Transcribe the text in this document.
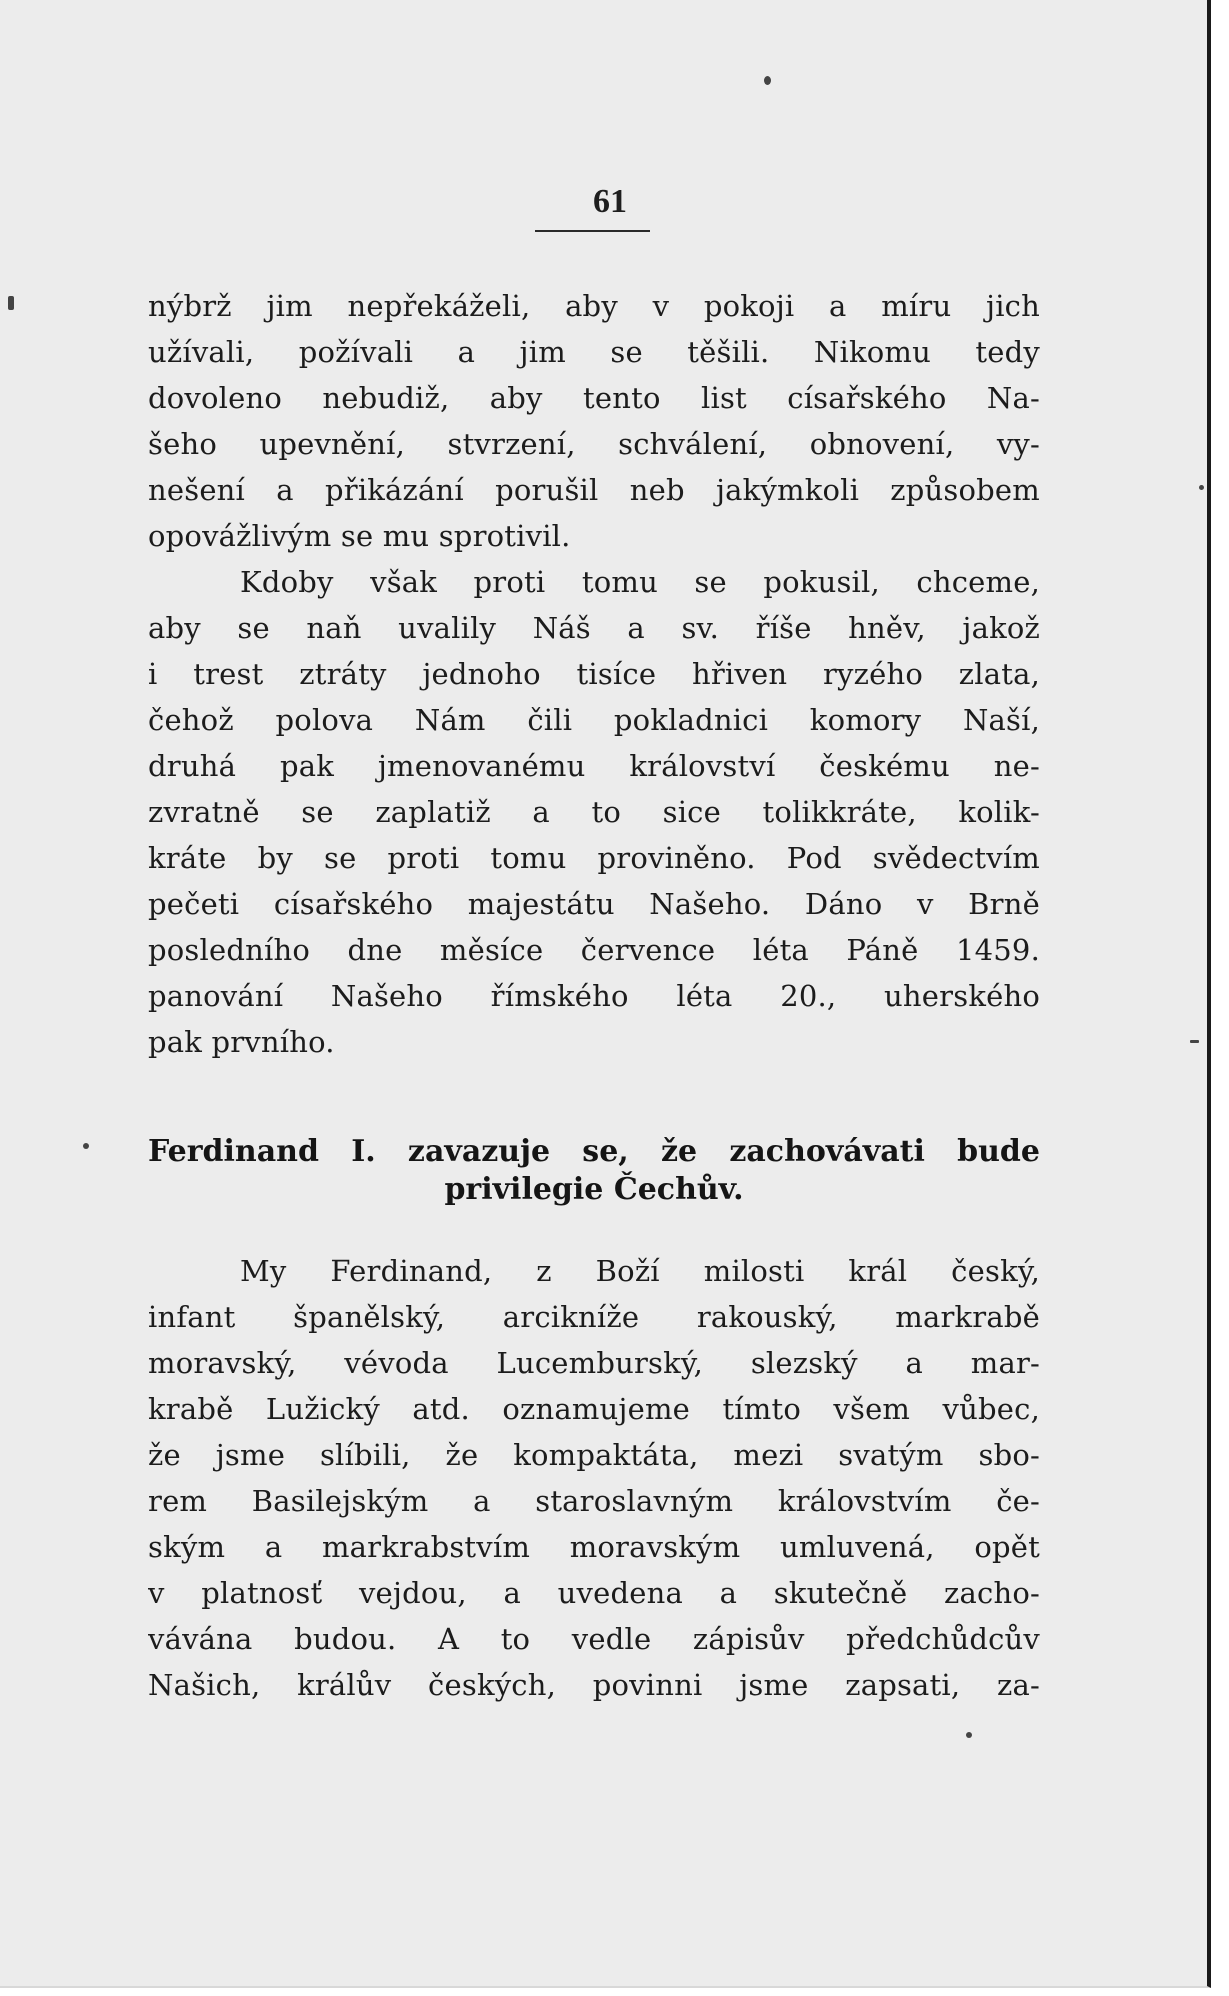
61
nýbrž jim nepřekáželi, aby v pokoji a míru jich
užívali, požívali a jim se těšili. Nikomu tedy
dovoleno nebudiž, aby tento list císařského Na-
šeho upevnění, stvrzení, schválení, obnovení, vy-
nešení a přikázání porušil neb jakýmkoli způsobem
opovážlivým se mu sprotivil.
Kdoby však proti tomu se pokusil, chceme,
aby se naň uvalily Náš a sv. říše hněv, jakož
i trest ztráty jednoho tisíce hřiven ryzého zlata,
čehož polova Nám čili pokladnici komory Naší,
druhá pak jmenovanému království českému ne-
zvratně se zaplatiž a to sice tolikkráte, kolik-
kráte by se proti tomu proviněno. Pod svědectvím
pečeti císařského majestátu Našeho. Dáno v Brně
posledního dne měsíce července léta Páně 1459.
panování Našeho římského léta 20., uherského
pak prvního.
Ferdinand I. zavazuje se, že zachovávati bude
privilegie Čechův.
My Ferdinand, z Boží milosti král český,
infant španělský, arcikníže rakouský, markrabě
moravský, vévoda Lucemburský, slezský a mar-
krabě Lužický atd. oznamujeme tímto všem vůbec,
že jsme slíbili, že kompaktáta, mezi svatým sbo-
rem Basilejským a staroslavným královstvím če-
ským a markrabstvím moravským umluvená, opět
v platnosť vejdou, a uvedena a skutečně zacho-
vávána budou. A to vedle zápisův předchůdcův
Našich, králův českých, povinni jsme zapsati, za-
